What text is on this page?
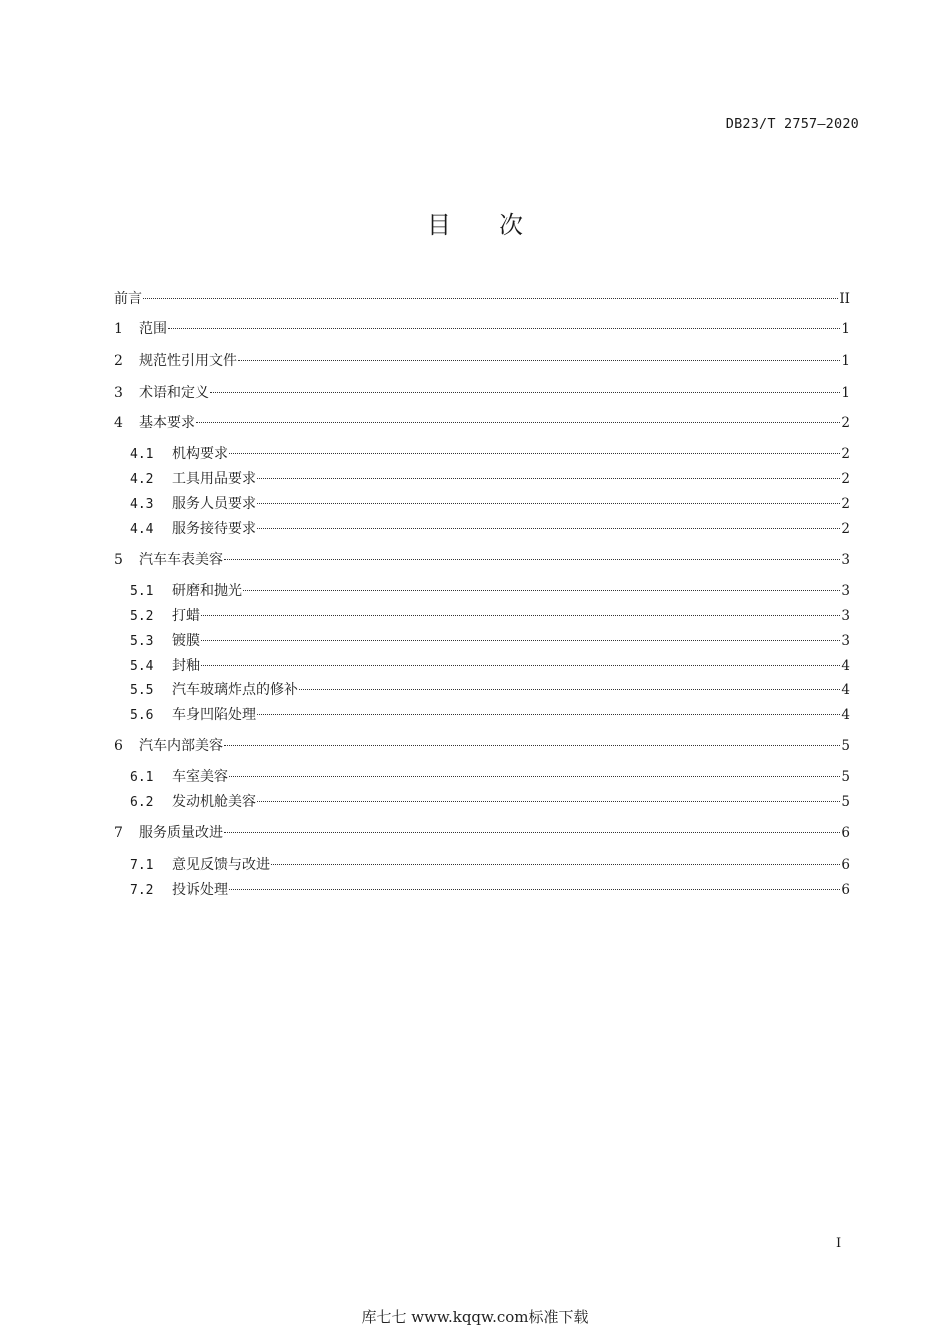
DB23/T 2757—2020
目 次
前言	II
1	范围	1
2	规范性引用文件	1
3	术语和定义	1
4	基本要求	2
4.1	机构要求	2
4.2	工具用品要求	2
4.3	服务人员要求	2
4.4	服务接待要求	2
5	汽车车表美容	3
5.1	研磨和抛光	3
5.2	打蜡	3
5.3	镀膜	3
5.4	封釉	4
5.5	汽车玻璃炸点的修补	4
5.6	车身凹陷处理	4
6	汽车内部美容	5
6.1	车室美容	5
6.2	发动机舱美容	5
7	服务质量改进	6
7.1	意见反馈与改进	6
7.2	投诉处理	6
I
库七七 www.kqqw.com标准下载
